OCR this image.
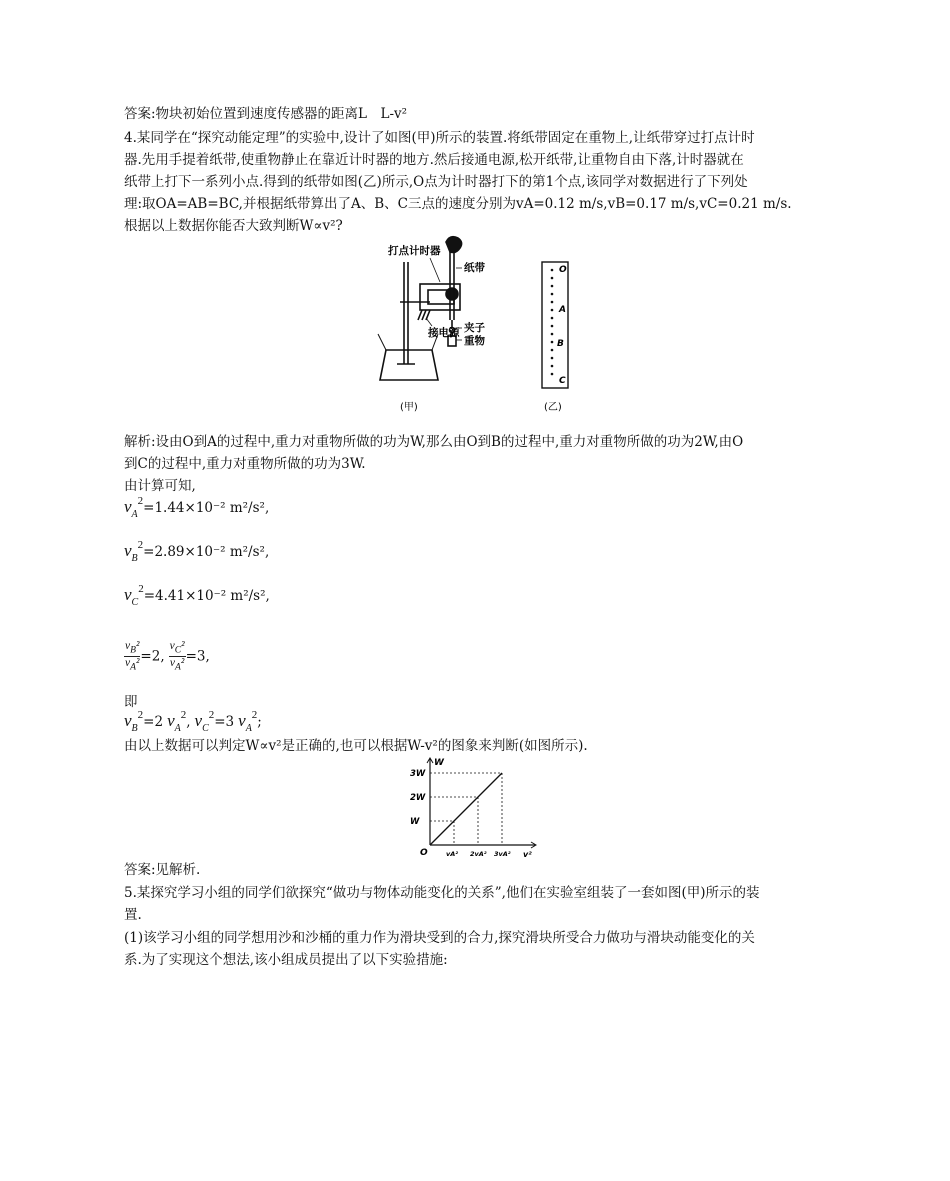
答案:物块初始位置到速度传感器的距离L　L-v²
4.某同学在“探究动能定理”的实验中,设计了如图(甲)所示的装置.将纸带固定在重物上,让纸带穿过打点计时
器.先用手提着纸带,使重物静止在靠近计时器的地方.然后接通电源,松开纸带,让重物自由下落,计时器就在
纸带上打下一系列小点.得到的纸带如图(乙)所示,O点为计时器打下的第1个点,该同学对数据进行了下列处
理:取OA=AB=BC,并根据纸带算出了A、B、C三点的速度分别为vA=0.12 m/s,vB=0.17 m/s,vC=0.21 m/s.
根据以上数据你能否大致判断W∝v²?
打点计时器
纸带
夹子
重物
接电源
(甲)
O
A
B
C
(乙)
解析:设由O到A的过程中,重力对重物所做的功为W,那么由O到B的过程中,重力对重物所做的功为2W,由O
到C的过程中,重力对重物所做的功为3W.
由计算可知,
$v_A^2=1.44\times 10^{-2}$ m²/s²,
$v_B^2=2.89\times 10^{-2}$ m²/s²,
$v_C^2=4.41\times 10^{-2}$ m²/s²,
$\frac{v_B^2}{v_A^2} =2$, $\frac{v_C^2}{v_A^2} =3$,
即
$v_B^2=2$ $v_A^2$, $v_C^2=3$ $v_A^2$;
由以上数据可以判定W∝v²是正确的,也可以根据W-v²的图象来判断(如图所示).
W
vA²
2W
2vA²
3W
3vA²
W
v²
O
答案:见解析.
5.某探究学习小组的同学们欲探究“做功与物体动能变化的关系”,他们在实验室组装了一套如图(甲)所示的装
置.
(1)该学习小组的同学想用沙和沙桶的重力作为滑块受到的合力,探究滑块所受合力做功与滑块动能变化的关
系.为了实现这个想法,该小组成员提出了以下实验措施:
